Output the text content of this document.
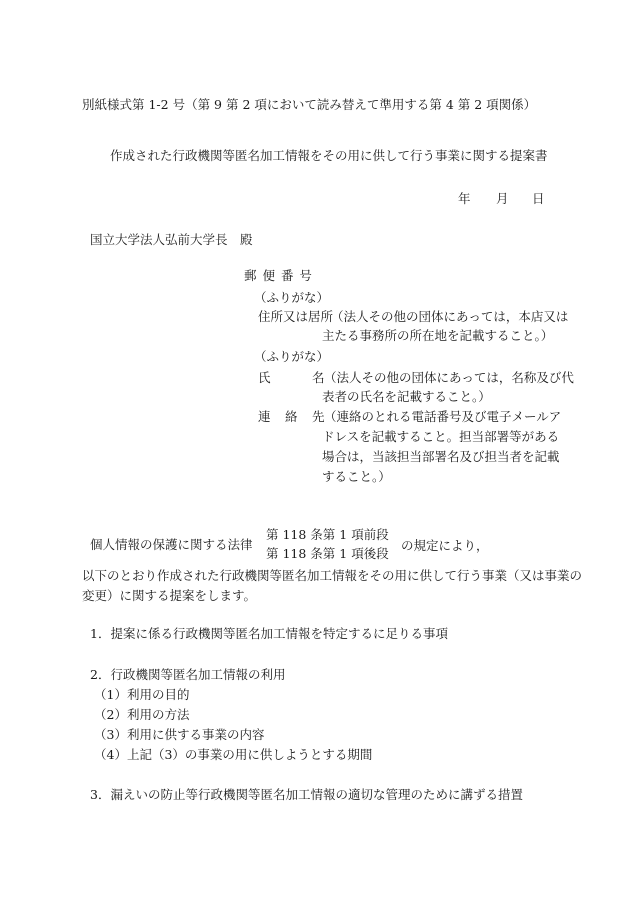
別紙様式第 1-2 号（第 9 第 2 項において読み替えて準用する第 4 第 2 項関係）
作成された行政機関等匿名加工情報をその用に供して行う事業に関する提案書
年 月 日
国立大学法人弘前大学長　殿
郵 便 番 号
（ふりがな）
住所又は居所
（法人その他の団体にあっては，本店又は
主たる事務所の所在地を記載すること。）
（ふりがな）
氏	名 （法人その他の団体にあっては，名称及び代
表者の氏名を記載すること。）
連 絡 先 （連絡のとれる電話番号及び電子メールア
ドレスを記載すること。担当部署等がある
場合は，当該担当部署名及び担当者を記載
すること。）
個人情報の保護に関する法律
第 118 条第 1 項前段
第 118 条第 1 項後段
の規定により，
以下のとおり作成された行政機関等匿名加工情報をその用に供して行う事業（又は事業の
変更）に関する提案をします。
1．提案に係る行政機関等匿名加工情報を特定するに足りる事項
2．行政機関等匿名加工情報の利用
（1）利用の目的
（2）利用の方法
（3）利用に供する事業の内容
（4）上記（3）の事業の用に供しようとする期間
3．漏えいの防止等行政機関等匿名加工情報の適切な管理のために講ずる措置
